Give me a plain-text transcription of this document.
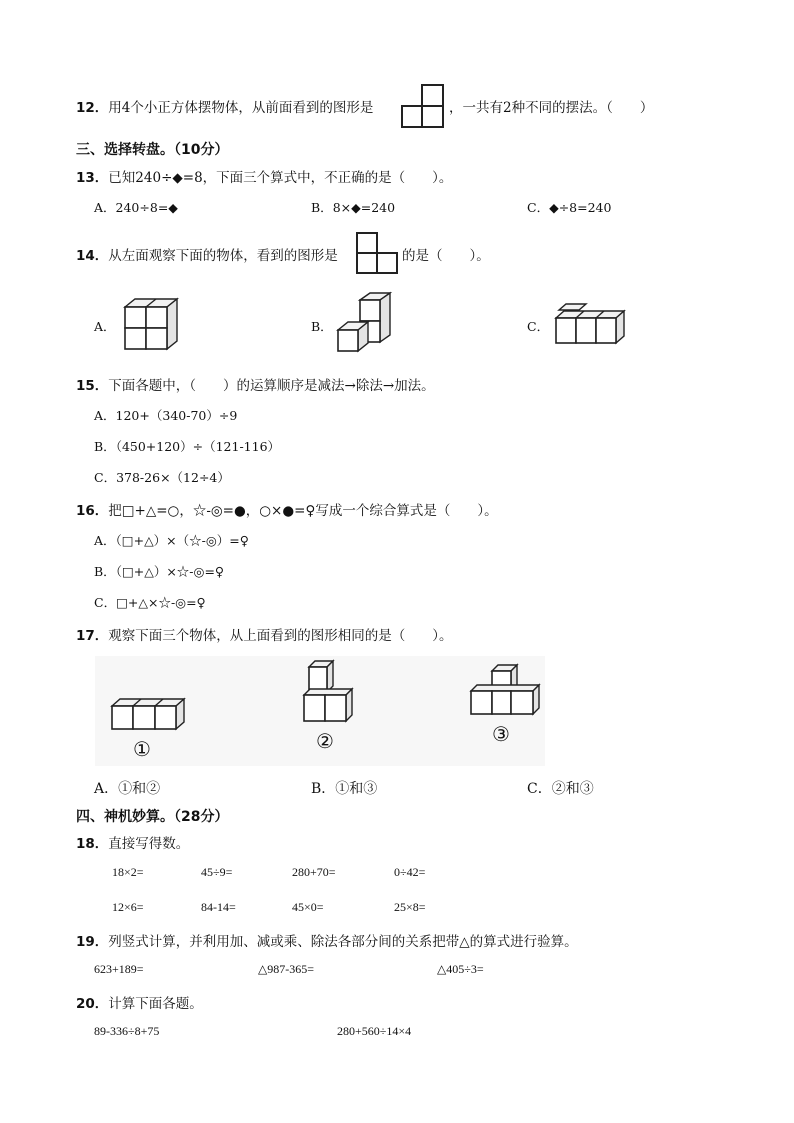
12．用4个小正方体摆物体，从前面看到的图形是	，一共有2种不同的摆法。（　　）
三、选择转盘。（10分）
13．已知240÷◆=8，下面三个算式中，不正确的是（　　）。
A．240÷8=◆	B．8×◆=240	C．◆÷8=240
14．从左面观察下面的物体，看到的图形是	的是（　　）。
A．	B．	C．
15．下面各题中，（　　）的运算顺序是减法→除法→加法。
A．120+（340-70）÷9
B．（450+120）÷（121-116）
C．378-26×（12÷4）
16．把□+△=○，☆-◎=●，○×●=♀写成一个综合算式是（　　）。
A．（□+△）×（☆-◎）=♀
B．（□+△）×☆-◎=♀
C．□+△×☆-◎=♀
17．观察下面三个物体，从上面看到的图形相同的是（　　）。
①	②	③
A．①和②	B．①和③	C．②和③
四、神机妙算。（28分）
18．直接写得数。
18×2=	45÷9=	280+70=	0÷42=
12×6=	84-14=	45×0=	25×8=
19．列竖式计算，并利用加、减或乘、除法各部分间的关系把带△的算式进行验算。
623+189=	△987-365=	△405÷3=
20．计算下面各题。
89-336÷8+75	280+560÷14×4
